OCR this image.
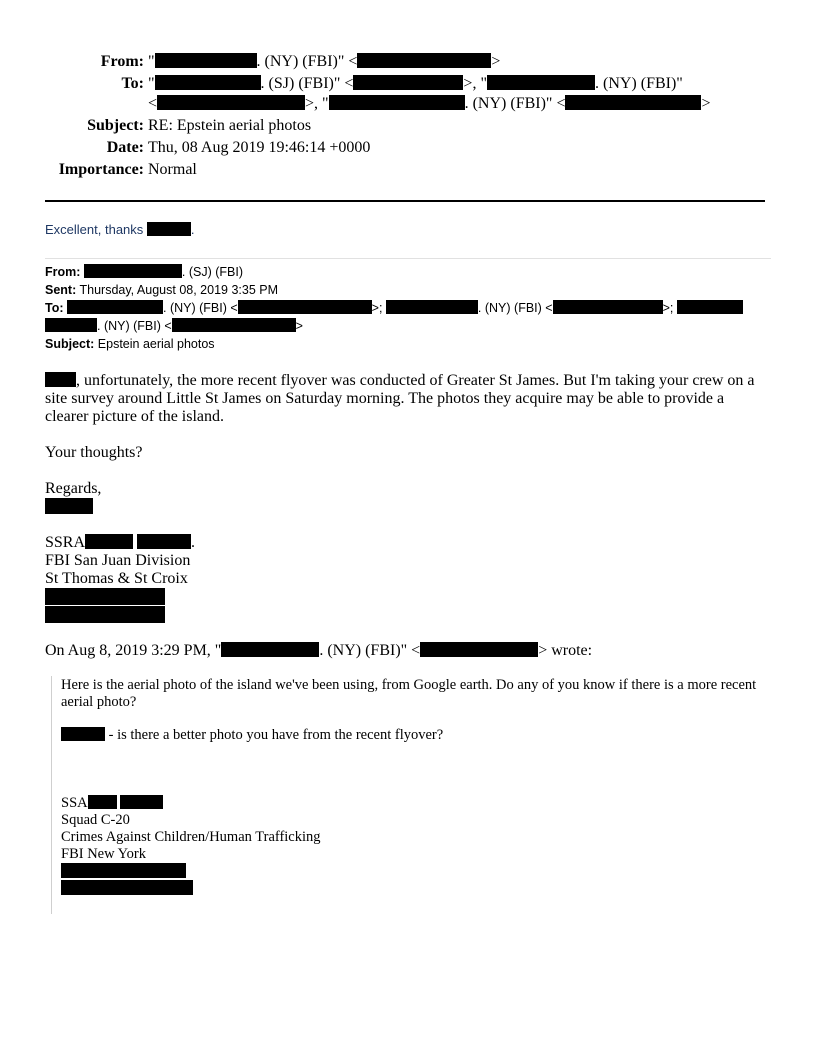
From: "	. (NY) (FBI)" <	>
To: "	. (SJ) (FBI)" <	>, "	. (NY) (FBI)"
<	>, "	. (NY) (FBI)" <	>
Subject: RE: Epstein aerial photos
Date: Thu, 08 Aug 2019 19:46:14 +0000
Importance: Normal
Excellent, thanks	.
From:	. (SJ) (FBI)
Sent: Thursday, August 08, 2019 3:35 PM
To:	. (NY) (FBI) <	>;	. (NY) (FBI) <	>;
. (NY) (FBI) <	>
Subject: Epstein aerial photos

, unfortunately, the more recent flyover was conducted of Greater St James. But I'm taking your crew on a

site survey around Little St James on Saturday morning. The photos they acquire may be able to provide a

clearer picture of the island.

Your thoughts?
Regards,
SSRA	.
FBI San Juan Division
St Thomas & St Croix
On Aug 8, 2019 3:29 PM, "	. (NY) (FBI)" <	> wrote:
Here is the aerial photo of the island we've been using, from Google earth. Do any of you know if there is a more recent
aerial photo?
- is there a better photo you have from the recent flyover?
SSA
Squad C-20
Crimes Against Children/Human Trafficking
FBI New York
